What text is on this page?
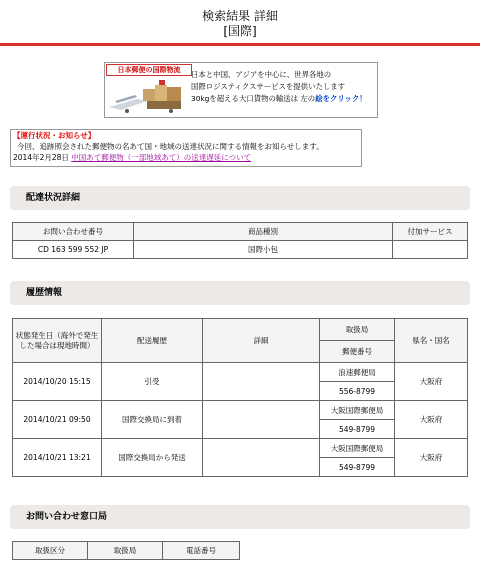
検索結果 詳細
[国際]
日本郵便の国際物流	日本と中国、アジアを中心に、世界各地の
国際ロジスティクスサービスを提供いたします
30kgを超える大口貨物の輸送は 左の絵をクリック！
【運行状況・お知らせ】
今回、追跡照会された郵便物の名あて国・地域の送達状況に関する情報をお知らせします。
2014年2月28日 中国あて郵便物（一部地域あて）の送達遅延について
配達状況詳細
お問い合わせ番号	商品種別	付加サービス
CD 163 599 552 JP	国際小包	
履歴情報
状態発生日（海外で発生した場合は現地時間）	配送履歴	詳細	取扱局	県名・国名
			郵便番号	
2014/10/20 15:15	引受		浪速郵便局	大阪府
			556-8799	
2014/10/21 09:50	国際交換局に到着		大阪国際郵便局	大阪府
			549-8799	
2014/10/21 13:21	国際交換局から発送		大阪国際郵便局	大阪府
			549-8799	
お問い合わせ窓口局
取扱区分	取扱局	電話番号
